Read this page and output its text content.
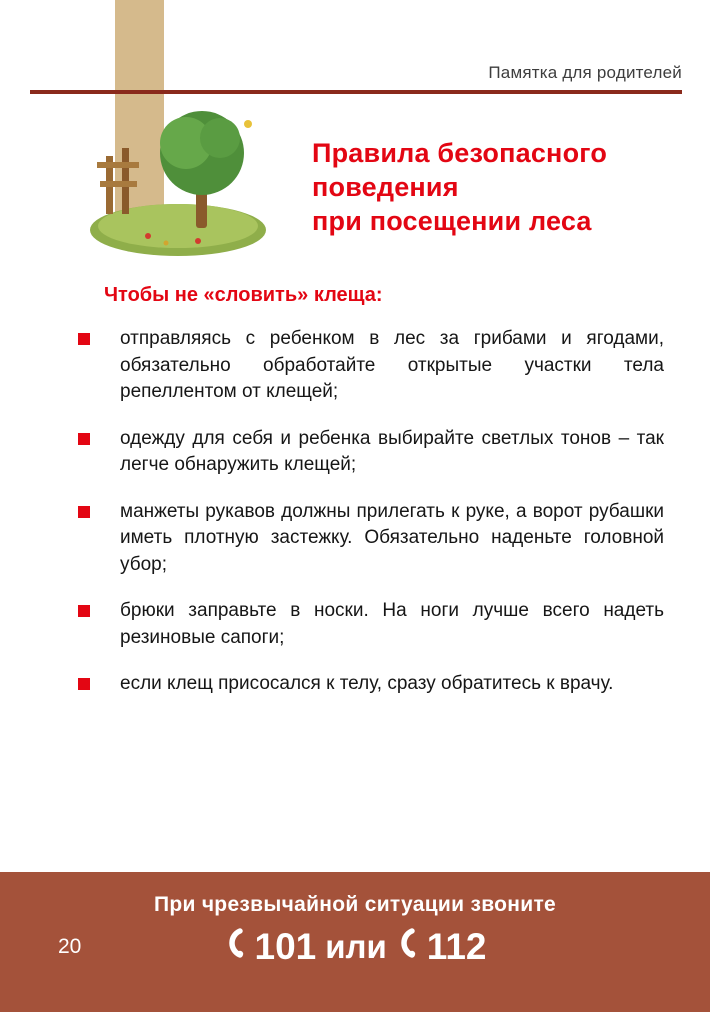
Памятка для родителей
Правила безопасного
поведения
при посещении леса
Чтобы не «словить» клеща:
отправляясь с ребенком в лес за грибами и ягодами, обязательно обработайте открытые участки тела репеллентом от клещей;
одежду для себя и ребенка выбирайте светлых тонов – так легче обнаружить клещей;
манжеты рукавов должны прилегать к руке, а ворот рубашки иметь плотную застежку. Обязательно наденьте головной убор;
брюки заправьте в носки. На ноги лучше всего надеть резиновые сапоги;
если клещ присосался к телу, сразу обратитесь к врачу.
20
При чрезвычайной ситуации звоните
101 или 112
